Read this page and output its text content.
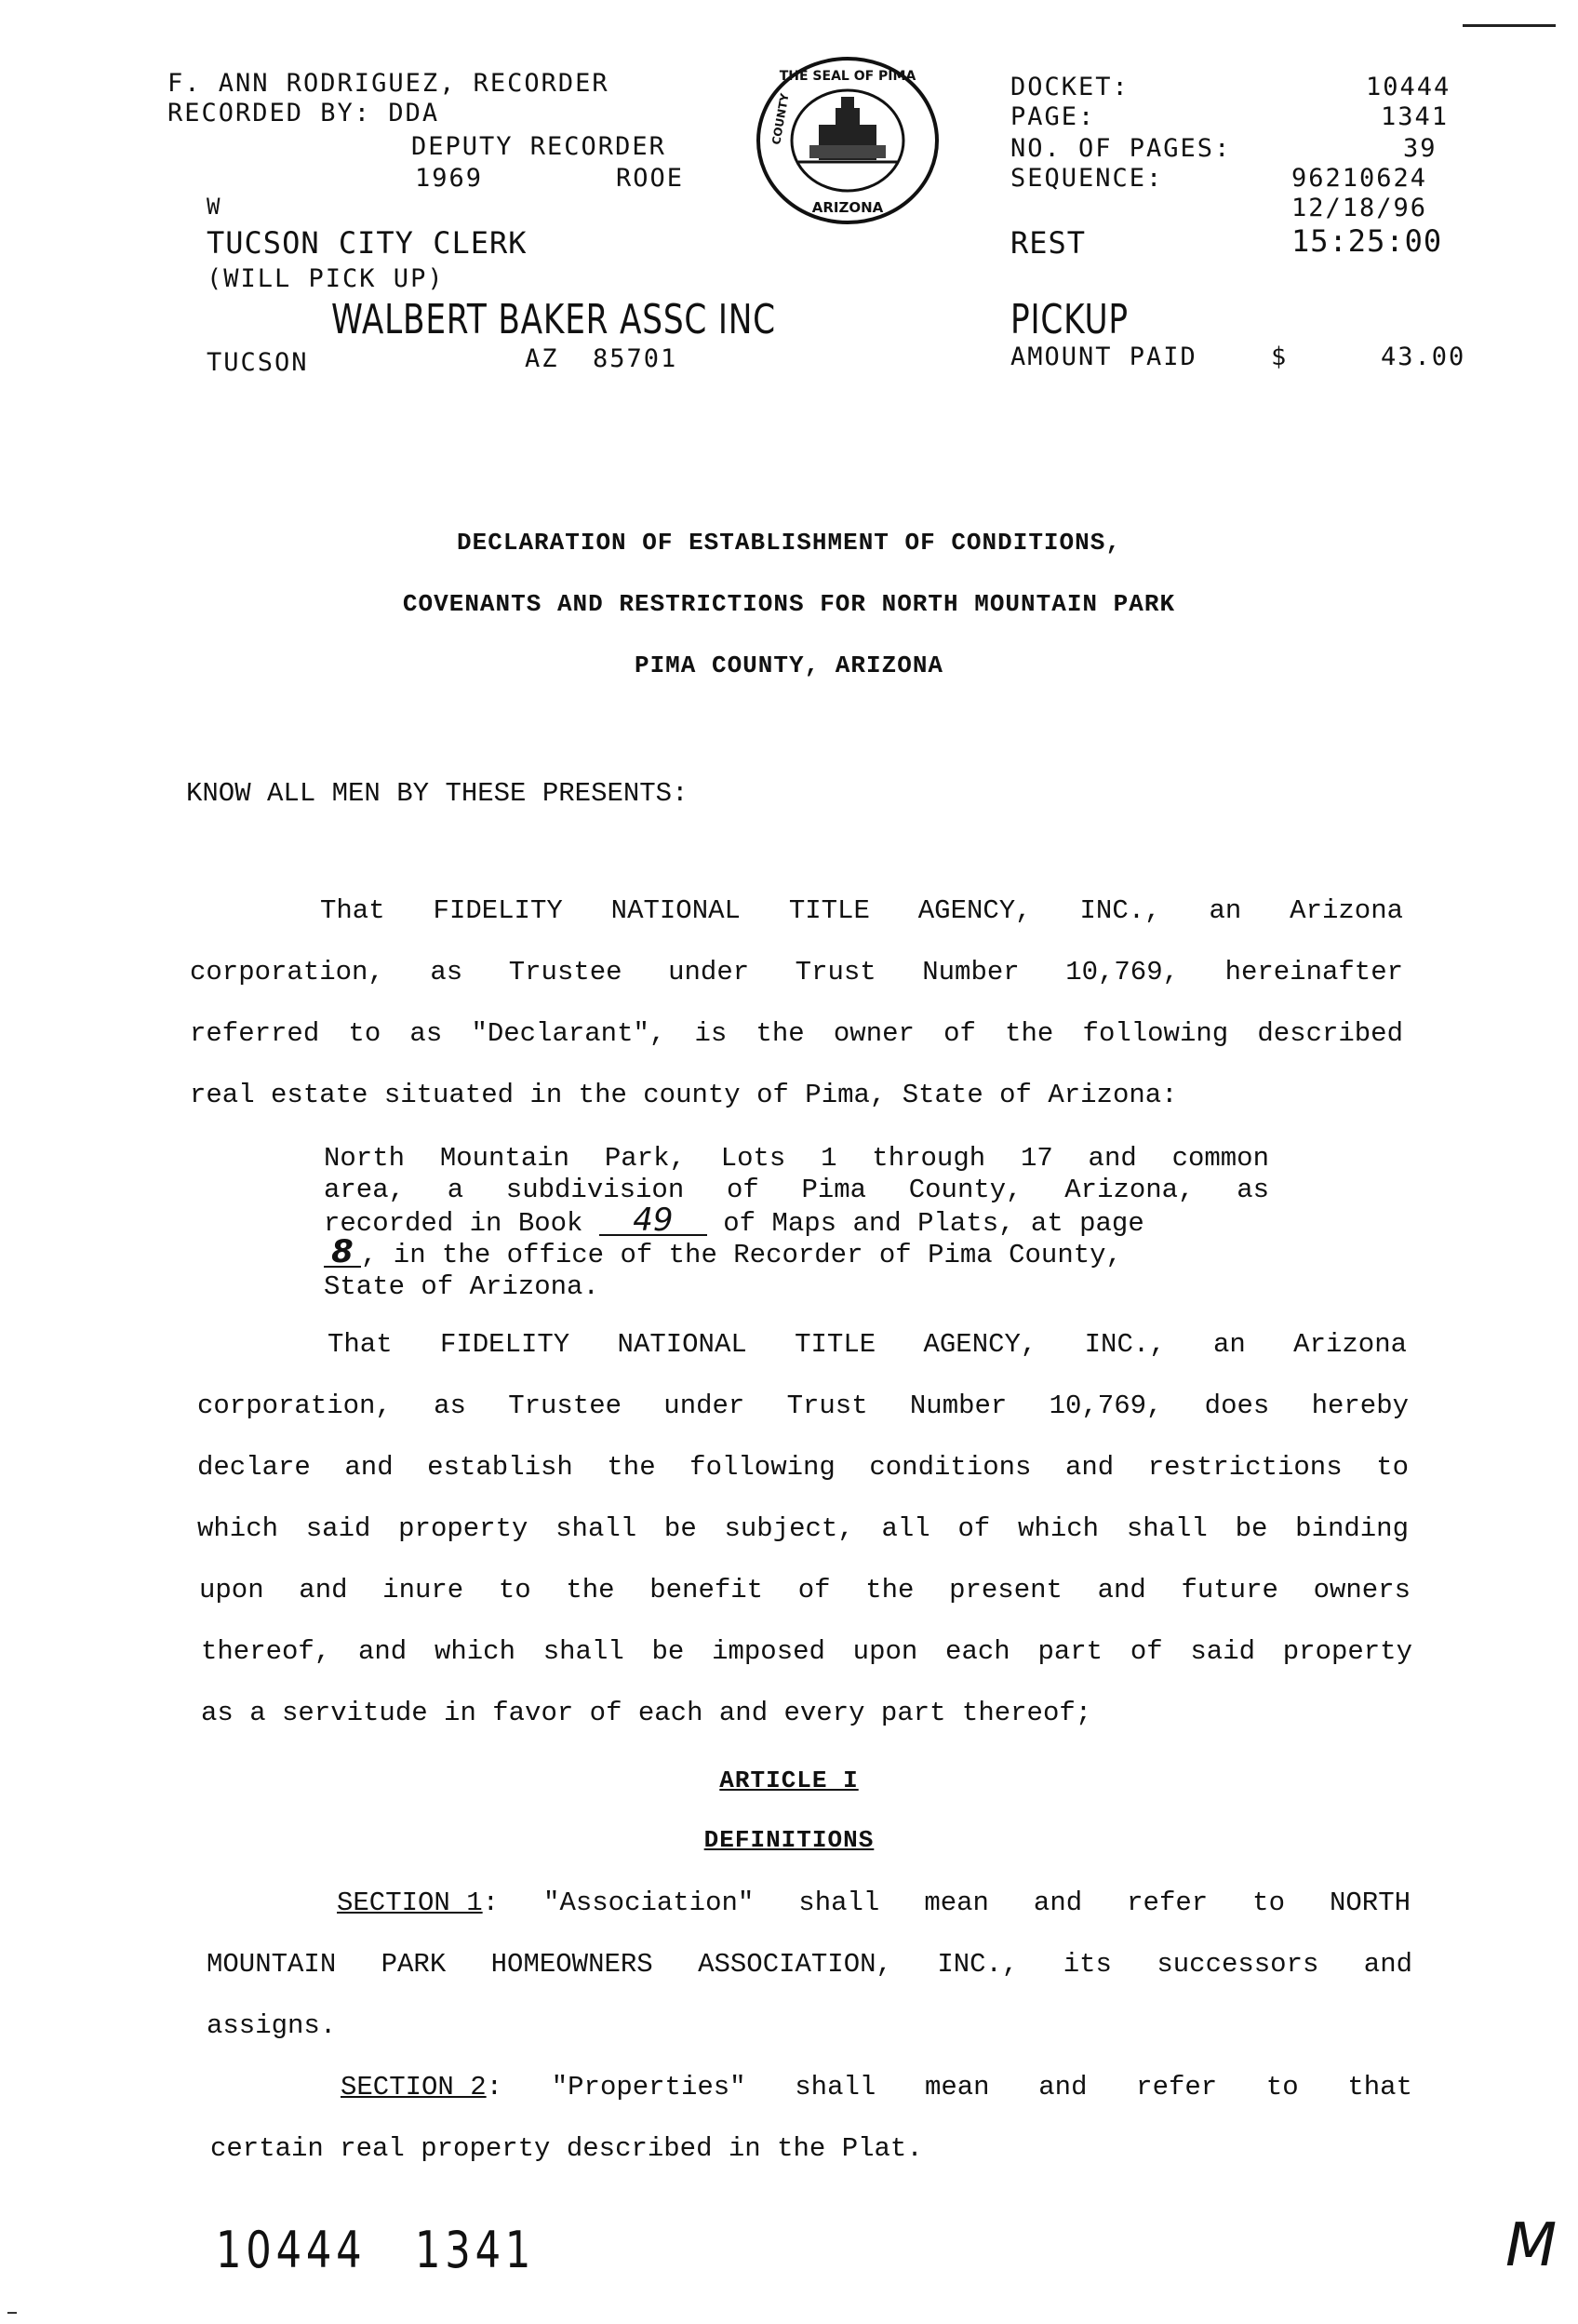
F. ANN RODRIGUEZ, RECORDER
RECORDED BY: DDA
DEPUTY RECORDER
1969	ROOE
W
TUCSON CITY CLERK
(WILL PICK UP)
WALBERT BAKER ASSC INC
TUCSON	AZ  85701
THE SEAL OF PIMA
ARIZONA
COUNTY
DOCKET:	10444
PAGE:	1341
NO. OF PAGES:	39
SEQUENCE:	96210624
12/18/96
REST	15:25:00
PICKUP
AMOUNT PAID	$	43.00
DECLARATION OF ESTABLISHMENT OF CONDITIONS,
COVENANTS AND RESTRICTIONS FOR NORTH MOUNTAIN PARK
PIMA COUNTY, ARIZONA
KNOW ALL MEN BY THESE PRESENTS:
That  FIDELITY  NATIONAL  TITLE  AGENCY,  INC.,  an  Arizona
corporation,  as  Trustee  under  Trust  Number  10,769,  hereinafter
referred to as "Declarant", is the owner of the following described
real estate situated in the county of Pima, State of Arizona:
North Mountain Park, Lots 1 through 17 and common
area, a subdivision of Pima County, Arizona, as
recorded in Book 49 of Maps and Plats, at page
8 , in the office of the Recorder of Pima County,
State of Arizona.
That  FIDELITY  NATIONAL  TITLE  AGENCY,  INC.,  an  Arizona
corporation,  as  Trustee  under  Trust  Number  10,769,  does  hereby
declare and establish the following conditions and restrictions to
which said property shall be subject, all of which shall be binding
upon  and  inure  to  the  benefit  of  the  present  and  future  owners
thereof, and which shall be imposed upon each part of said property
as a servitude in favor of each and every part thereof;
ARTICLE I
DEFINITIONS
SECTION 1 :  "Association"  shall  mean  and  refer  to  NORTH
MOUNTAIN  PARK  HOMEOWNERS  ASSOCIATION,  INC.,  its  successors  and
assigns.
SECTION 2 :  "Properties"  shall  mean  and  refer  to  that
certain real property described in the Plat.
10444 1341	M
